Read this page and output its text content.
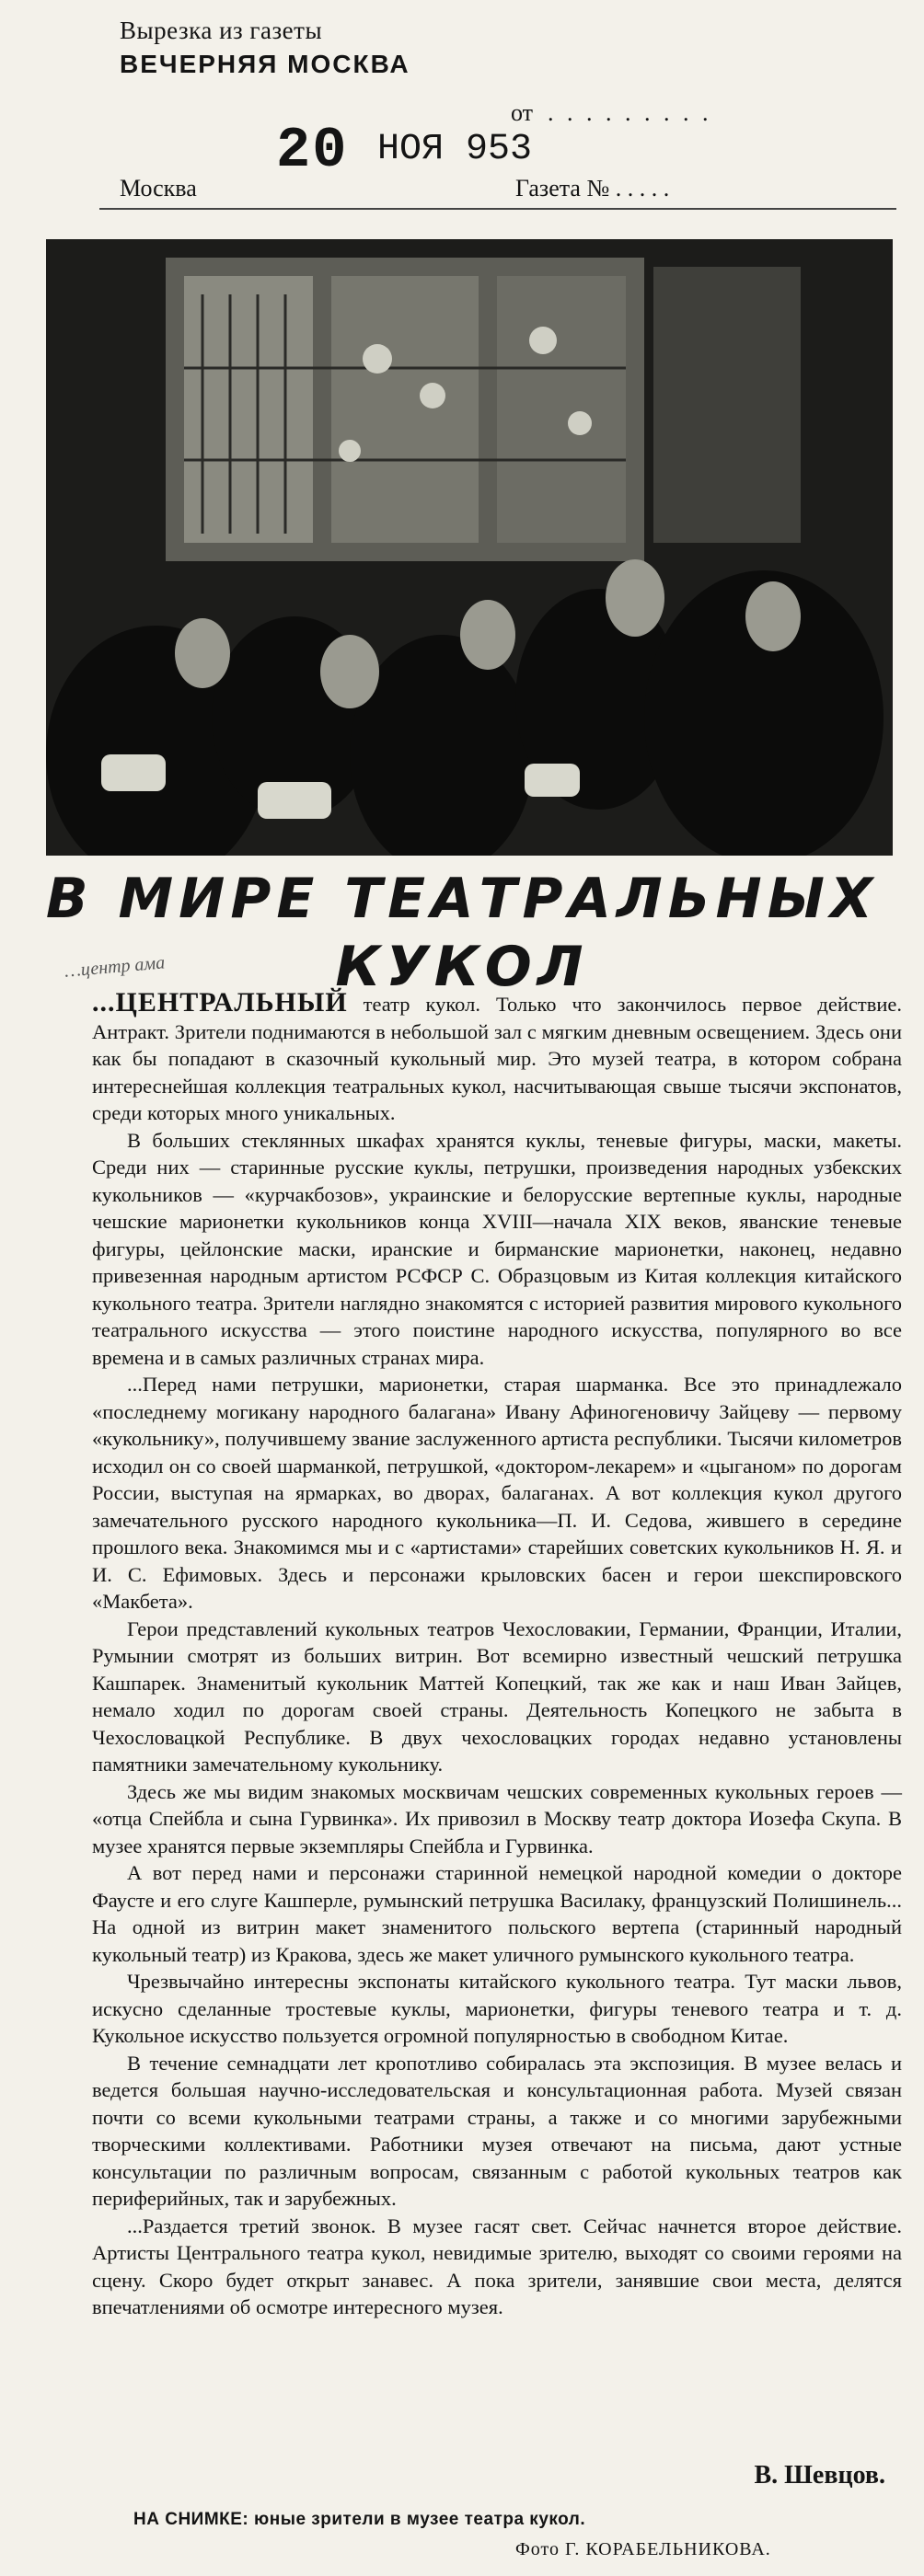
Вырезка из газеты
ВЕЧЕРНЯЯ МОСКВА
от . . . . . . . . .
20 НОЯ 953
Москва	Газета № . . . . .
В МИРЕ ТЕАТРАЛЬНЫХ
КУКОЛ
…центр ама

...ЦЕНТРАЛЬНЫЙ театр кукол. Только что закончилось первое действие. Антракт. Зрители поднимаются в небольшой зал с мягким дневным освещением. Здесь они как бы попадают в сказочный кукольный мир. Это музей театра, в котором собрана интереснейшая коллекция театральных кукол, насчитывающая свыше тысячи экспонатов, среди которых много уникальных.

В больших стеклянных шкафах хранятся куклы, теневые фигуры, маски, макеты. Среди них — старинные русские куклы, петрушки, произведения народных узбекских кукольников — «курчакбозов», украинские и белорусские вертепные куклы, народные чешские марионетки кукольников конца XVIII—начала XIX веков, яванские теневые фигуры, цейлонские маски, иранские и бирманские марионетки, наконец, недавно привезенная народным артистом РСФСР С. Образцовым из Китая коллекция китайского кукольного театра. Зрители наглядно знакомятся с историей развития мирового кукольного театрального искусства — этого поистине народного искусства, популярного во все времена и в самых различных странах мира.

...Перед нами петрушки, марионетки, старая шарманка. Все это принадлежало «последнему могикану народного балагана» Ивану Афиногеновичу Зайцеву — первому «кукольнику», получившему звание заслуженного артиста республики. Тысячи километров исходил он со своей шарманкой, петрушкой, «доктором-лекарем» и «цыганом» по дорогам России, выступая на ярмарках, во дворах, балаганах. А вот коллекция кукол другого замечательного русского народного кукольника—П. И. Седова, жившего в середине прошлого века. Знакомимся мы и с «артистами» старейших советских кукольников Н. Я. и И. С. Ефимовых. Здесь и персонажи крыловских басен и герои шекспировского «Макбета».

Герои представлений кукольных театров Чехословакии, Германии, Франции, Италии, Румынии смотрят из больших витрин. Вот всемирно известный чешский петрушка Кашпарек. Знаменитый кукольник Маттей Копецкий, так же как и наш Иван Зайцев, немало ходил по дорогам своей страны. Деятельность Копецкого не забыта в Чехословацкой Республике. В двух чехословацких городах недавно установлены памятники замечательному кукольнику.

Здесь же мы видим знакомых москвичам чешских современных кукольных героев — «отца Спейбла и сына Гурвинка». Их привозил в Москву театр доктора Иозефа Скупа. В музее хранятся первые экземпляры Спейбла и Гурвинка.

А вот перед нами и персонажи старинной немецкой народной комедии о докторе Фаусте и его слуге Кашперле, румынский петрушка Василаку, французский Полишинель... На одной из витрин макет знаменитого польского вертепа (старинный народный кукольный театр) из Кракова, здесь же макет уличного румынского кукольного театра.

Чрезвычайно интересны экспонаты китайского кукольного театра. Тут маски львов, искусно сделанные тростевые куклы, марионетки, фигуры теневого театра и т. д. Кукольное искусство пользуется огромной популярностью в свободном Китае.

В течение семнадцати лет кропотливо собиралась эта экспозиция. В музее велась и ведется большая научно-исследовательская и консультационная работа. Музей связан почти со всеми кукольными театрами страны, а также и со многими зарубежными творческими коллективами. Работники музея отвечают на письма, дают устные консультации по различным вопросам, связанным с работой кукольных театров как периферийных, так и зарубежных.

...Раздается третий звонок. В музее гасят свет. Сейчас начнется второе действие. Артисты Центрального театра кукол, невидимые зрителю, выходят со своими героями на сцену. Скоро будет открыт занавес. А пока зрители, занявшие свои места, делятся впечатлениями об осмотре интересного музея.

В. Шевцов.
НА СНИМКЕ: юные зрители в музее театра кукол.
Фото Г. КОРАБЕЛЬНИКОВА.
